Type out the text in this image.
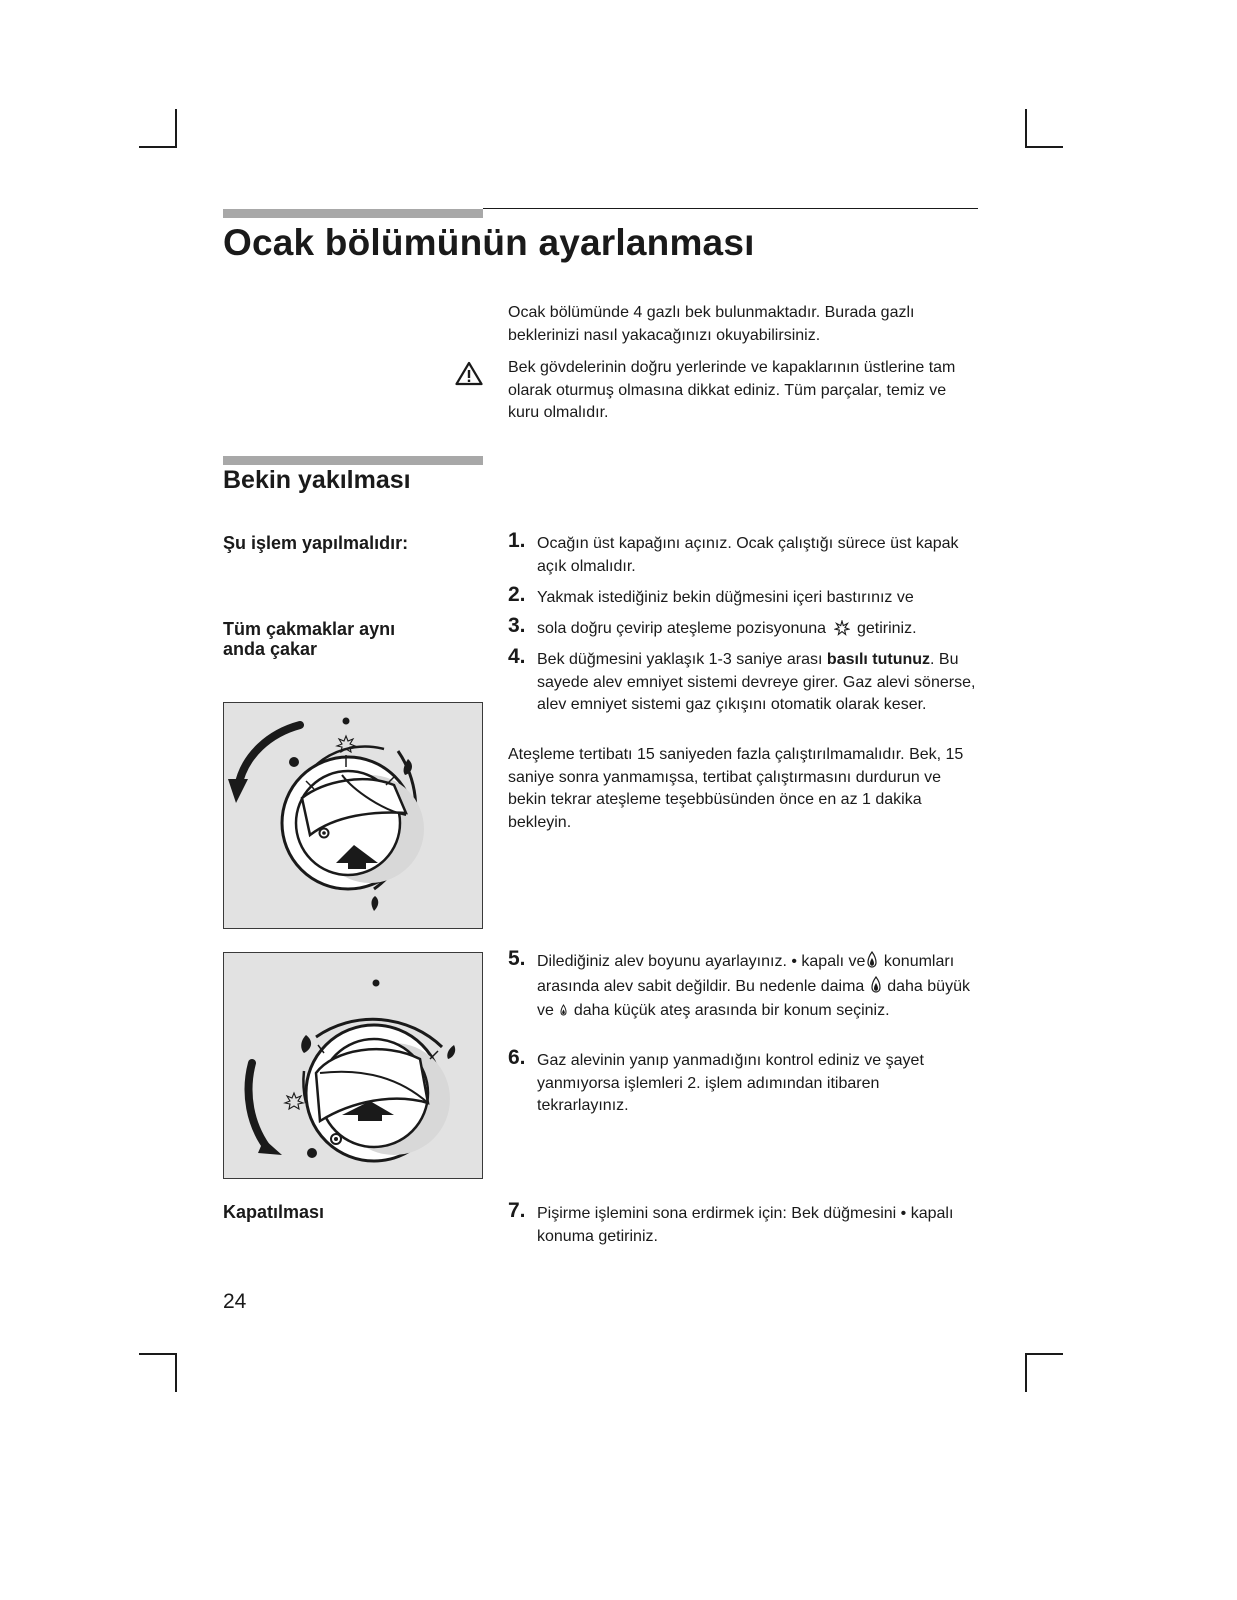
Ocak bölümünün ayarlanması

Ocak bölümünde 4 gazlı bek bulunmaktadır. Burada gazlı beklerinizi nasıl yakacağınızı okuyabilirsiniz.

Bek gövdelerinin doğru yerlerinde ve kapaklarının üstlerine tam olarak oturmuş olmasına dikkat ediniz. Tüm parçalar, temiz ve kuru olmalıdır.

Bekin yakılması
Şu işlem yapılmalıdır:
Tüm çakmaklar aynı anda çakar
Kapatılması
1. Ocağın üst kapağını açınız. Ocak çalıştığı sürece üst kapak açık olmalıdır.
2. Yakmak istediğiniz bekin düğmesini içeri bastırınız ve
3. sola doğru çevirip ateşleme pozisyonuna getiriniz.
4. Bek düğmesini yaklaşık 1-3 saniye arası basılı tutunuz. Bu sayede alev emniyet sistemi devreye girer. Gaz alevi sönerse, alev emniyet sistemi gaz çıkışını otomatik olarak keser.

Ateşleme tertibatı 15 saniyeden fazla çalıştırılmamalıdır. Bek, 15 saniye sonra yanmamışsa, tertibat çalıştırmasını durdurun ve bekin tekrar ateşleme teşebbüsünden önce en az 1 dakika bekleyin.

5. Dilediğiniz alev boyunu ayarlayınız. • kapalı ve konumları arasında alev sabit değildir. Bu nedenle daima daha büyük ve daha küçük ateş arasında bir konum seçiniz.
6. Gaz alevinin yanıp yanmadığını kontrol ediniz ve şayet yanmıyorsa işlemleri 2. işlem adımından itibaren tekrarlayınız.
7. Pişirme işlemini sona erdirmek için: Bek düğmesini • kapalı konuma getiriniz.
24
